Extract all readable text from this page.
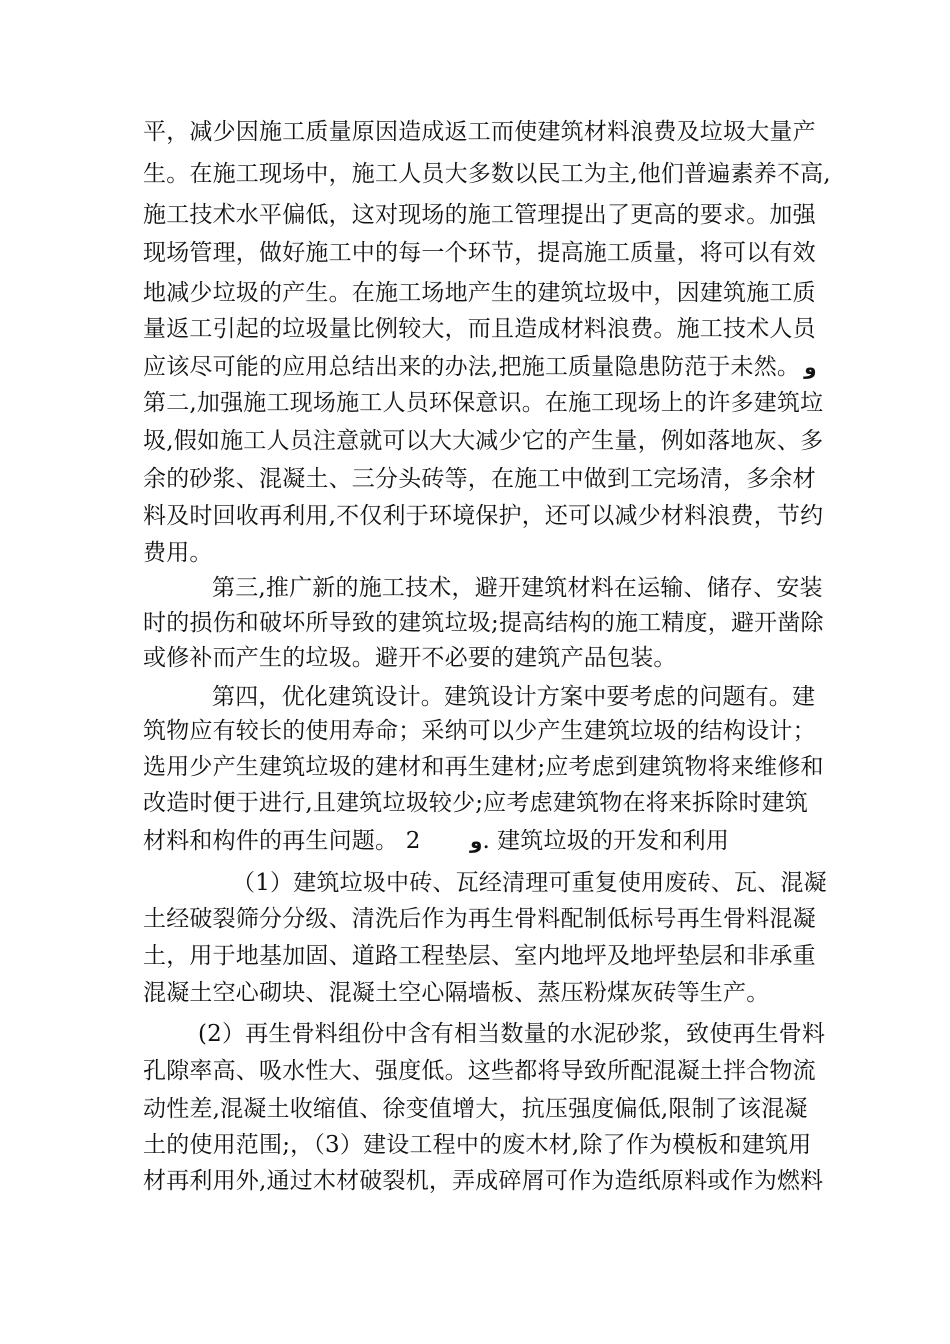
平，减少因施工质量原因造成返工而使建筑材料浪费及垃圾大量产
生。在施工现场中，施工人员大多数以民工为主,他们普遍素养不高,
施工技术水平偏低，这对现场的施工管理提出了更高的要求。加强
现场管理，做好施工中的每一个环节，提高施工质量，将可以有效
地减少垃圾的产生。在施工场地产生的建筑垃圾中，因建筑施工质
量返工引起的垃圾量比例较大，而且造成材料浪费。施工技术人员
应该尽可能的应用总结出来的办法,把施工质量隐患防范于未然。 و
第二,加强施工现场施工人员环保意识。在施工现场上的许多建筑垃
圾,假如施工人员注意就可以大大减少它的产生量，例如落地灰、多
余的砂浆、混凝土、三分头砖等，在施工中做到工完场清，多余材
料及时回收再利用,不仅利于环境保护，还可以减少材料浪费，节约
费用。
第三,推广新的施工技术，避开建筑材料在运输、储存、安装
时的损伤和破坏所导致的建筑垃圾;提高结构的施工精度，避开凿除
或修补而产生的垃圾。避开不必要的建筑产品包装。
第四，优化建筑设计。建筑设计方案中要考虑的问题有。建
筑物应有较长的使用寿命；采纳可以少产生建筑垃圾的结构设计；
选用少产生建筑垃圾的建材和再生建材;应考虑到建筑物将来维修和
改造时便于进行,且建筑垃圾较少;应考虑建筑物在将来拆除时建筑
材料和构件的再生问题。 2 و. 建筑垃圾的开发和利用
（1）建筑垃圾中砖、瓦经清理可重复使用废砖、瓦、混凝
土经破裂筛分分级、清洗后作为再生骨料配制低标号再生骨料混凝
土，用于地基加固、道路工程垫层、室内地坪及地坪垫层和非承重
混凝土空心砌块、混凝土空心隔墙板、蒸压粉煤灰砖等生产。
(2）再生骨料组份中含有相当数量的水泥砂浆，致使再生骨料
孔隙率高、吸水性大、强度低。这些都将导致所配混凝土拌合物流
动性差,混凝土收缩值、徐变值增大，抗压强度偏低,限制了该混凝
土的使用范围;，（3）建设工程中的废木材,除了作为模板和建筑用
材再利用外,通过木材破裂机，弄成碎屑可作为造纸原料或作为燃料
